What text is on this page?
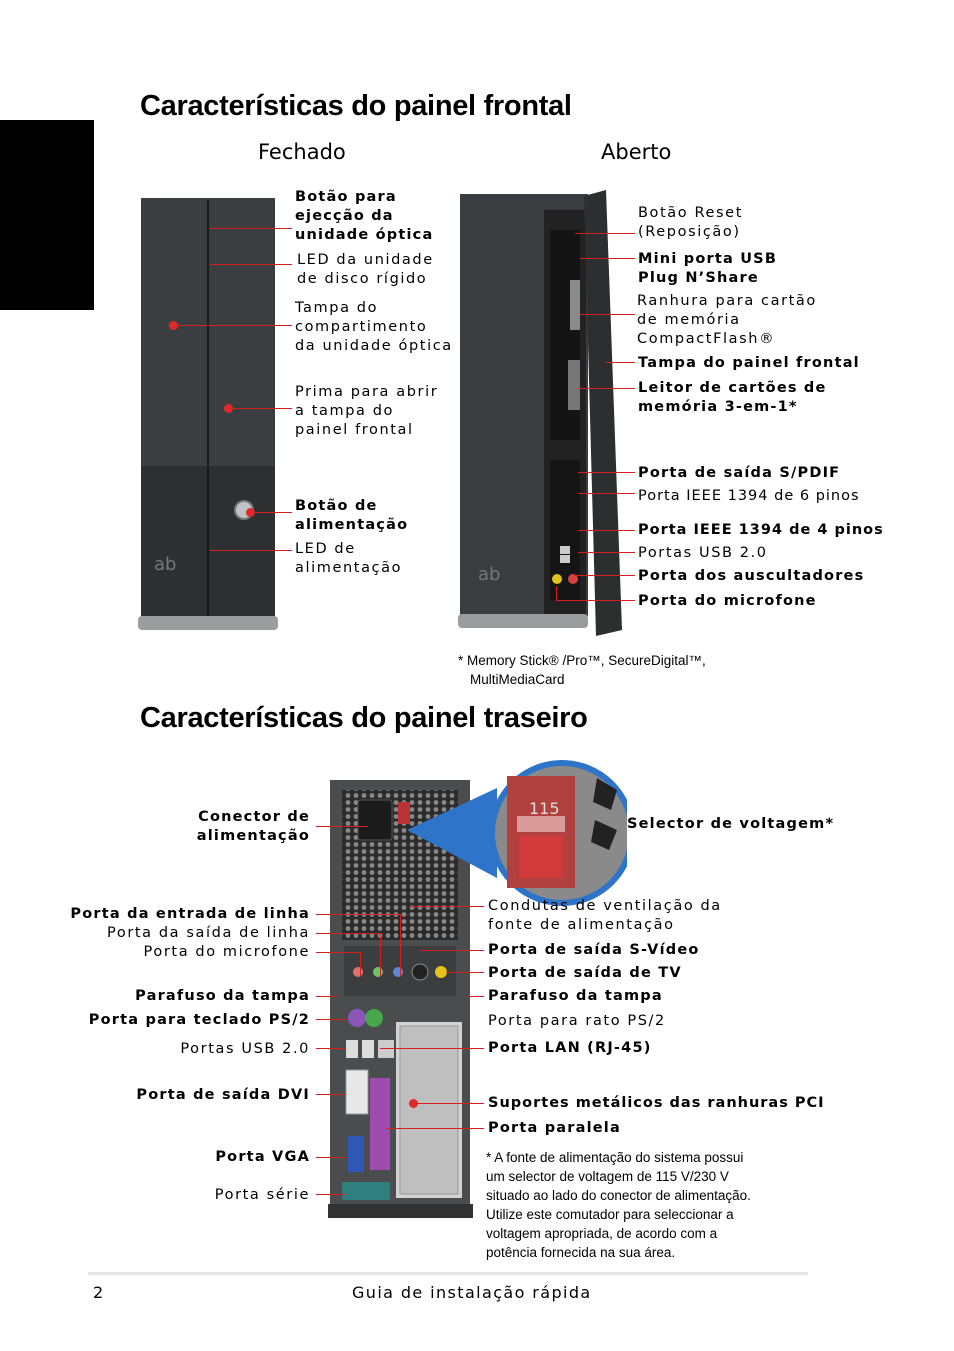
Características do painel frontal
Fechado	Aberto
ab	ab
Botão para
ejecção da
unidade óptica
LED da unidade
de disco rígido
Tampa do
compartimento
da unidade óptica
Prima para abrir
a tampa do
painel frontal
Botão de
alimentação
LED de
alimentação
Botão Reset
(Reposição)
Mini porta USB
Plug N’Share
Ranhura para cartão
de memória
CompactFlash®
Tampa do painel frontal
Leitor de cartões de
memória 3-em-1*
Porta de saída S/PDIF
Porta IEEE 1394 de 6 pinos
Porta IEEE 1394 de 4 pinos
Portas USB 2.0
Porta dos auscultadores
Porta do microfone
* Memory Stick® /Pro™, SecureDigital™,
MultiMediaCard
Características do painel traseiro
115
Conector de
alimentação
Porta da entrada de linha
Porta da saída de linha
Porta do microfone
Parafuso da tampa
Porta para teclado PS/2
Portas USB 2.0
Porta de saída DVI
Porta VGA
Porta série
Selector de voltagem*
Condutas de ventilação da
fonte de alimentação
Porta de saída S-Vídeo
Porta de saída de TV
Parafuso da tampa
Porta para rato PS/2
Porta LAN (RJ-45)
Suportes metálicos das ranhuras PCI
Porta paralela
* A fonte de alimentação do sistema possui
um selector de voltagem de 115 V/230 V
situado ao lado do conector de alimentação.
Utilize este comutador para seleccionar a
voltagem apropriada, de acordo com a
potência fornecida na sua área.
2	Guia de instalação rápida
